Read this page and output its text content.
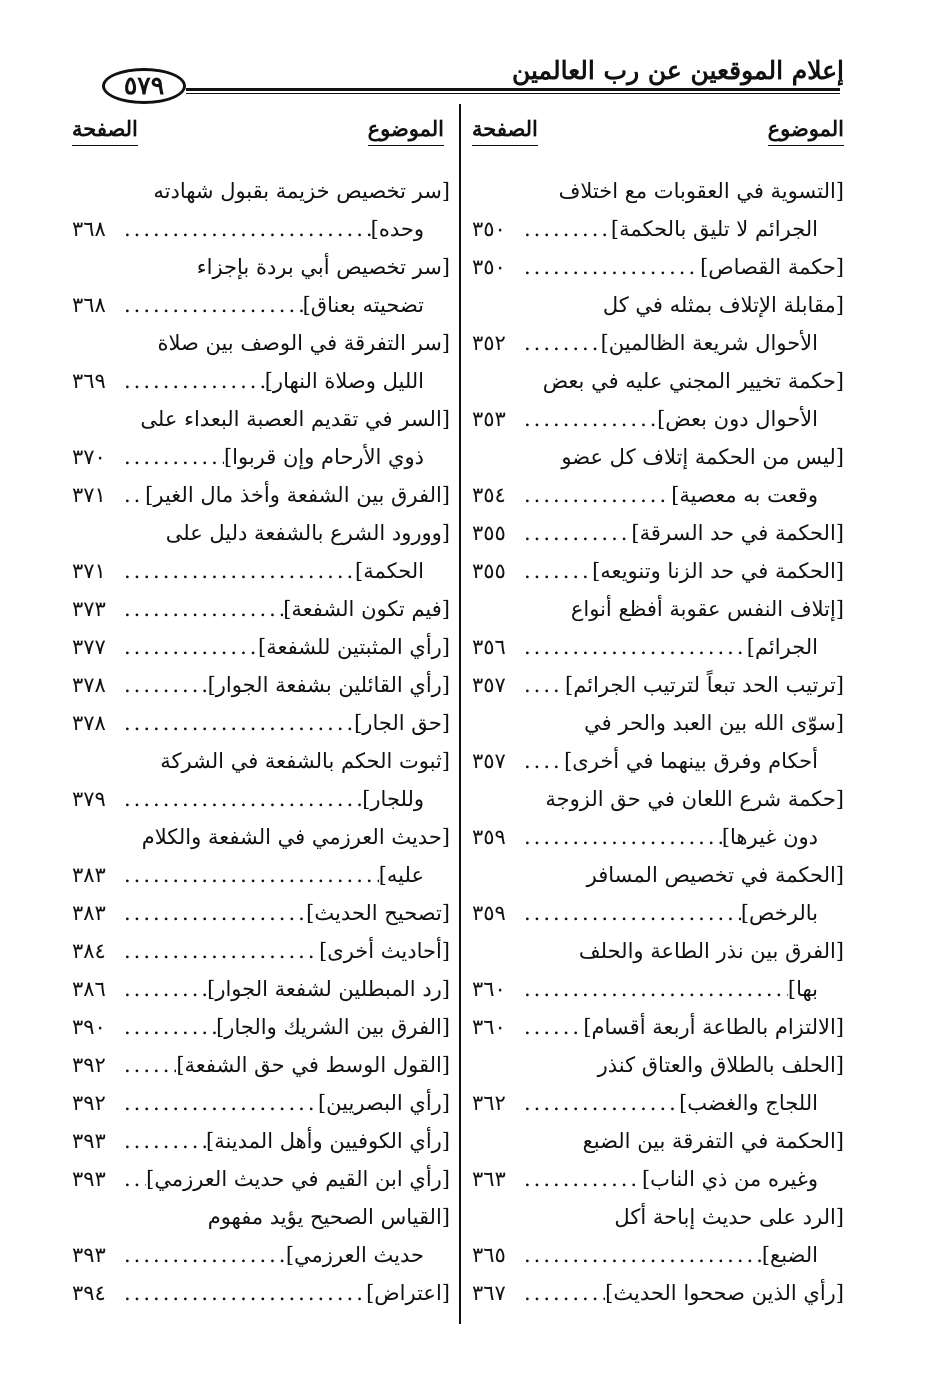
إعلام الموقعين عن رب العالمين
٥٧٩
الموضوع
الصفحة
الموضوع
الصفحة
[التسوية في العقوبات مع اختلاف
الجرائم لا تليق بالحكمة]
.....
٣٥٠
[حكمة القصاص]
.....
٣٥٠
[مقابلة الإتلاف بمثله في كل
الأحوال شريعة الظالمين]
.....
٣٥٢
[حكمة تخيير المجني عليه في بعض
الأحوال دون بعض]
.....
٣٥٣
[ليس من الحكمة إتلاف كل عضو
وقعت به معصية]
.....
٣٥٤
[الحكمة في حد السرقة]
.....
٣٥٥
[الحكمة في حد الزنا وتنويعه]
.....
٣٥٥
[إتلاف النفس عقوبة أفظع أنواع
الجرائم]
.....
٣٥٦
[ترتيب الحد تبعاً لترتيب الجرائم]
.....
٣٥٧
[سوّى الله بين العبد والحر في
أحكام وفرق بينهما في أخرى]
.....
٣٥٧
[حكمة شرع اللعان في حق الزوجة
دون غيرها]
.....
٣٥٩
[الحكمة في تخصيص المسافر
بالرخص]
.....
٣٥٩
[الفرق بين نذر الطاعة والحلف
بها]
.....
٣٦٠
[الالتزام بالطاعة أربعة أقسام]
.....
٣٦٠
[الحلف بالطلاق والعتاق كنذر
اللجاج والغضب]
.....
٣٦٢
[الحكمة في التفرقة بين الضبع
وغيره من ذي الناب]
.....
٣٦٣
[الرد على حديث إباحة أكل
الضبع]
.....
٣٦٥
[رأي الذين صححوا الحديث]
.....
٣٦٧
[سر تخصيص خزيمة بقبول شهادته
وحده]
.....
٣٦٨
[سر تخصيص أبي بردة بإجزاء
تضحيته بعناق]
.....
٣٦٨
[سر التفرقة في الوصف بين صلاة
الليل وصلاة النهار]
.....
٣٦٩
[السر في تقديم العصبة البعداء على
ذوي الأرحام وإن قربوا]
.....
٣٧٠
[الفرق بين الشفعة وأخذ مال الغير]
.....
٣٧١
[وورود الشرع بالشفعة دليل على
الحكمة]
.....
٣٧١
[فيم تكون الشفعة]
.....
٣٧٣
[رأي المثبتين للشفعة]
.....
٣٧٧
[رأي القائلين بشفعة الجوار]
.....
٣٧٨
[حق الجار]
.....
٣٧٨
[ثبوت الحكم بالشفعة في الشركة
وللجار]
.....
٣٧٩
[حديث العرزمي في الشفعة والكلام
عليه]
.....
٣٨٣
[تصحيح الحديث]
.....
٣٨٣
[أحاديث أخرى]
.....
٣٨٤
[رد المبطلين لشفعة الجوار]
.....
٣٨٦
[الفرق بين الشريك والجار]
.....
٣٩٠
[القول الوسط في حق الشفعة]
.....
٣٩٢
[رأي البصريين]
.....
٣٩٢
[رأي الكوفيين وأهل المدينة]
.....
٣٩٣
[رأي ابن القيم في حديث العرزمي]
.....
٣٩٣
[القياس الصحيح يؤيد مفهوم
حديث العرزمي]
.....
٣٩٣
[اعتراض]
.....
٣٩٤
